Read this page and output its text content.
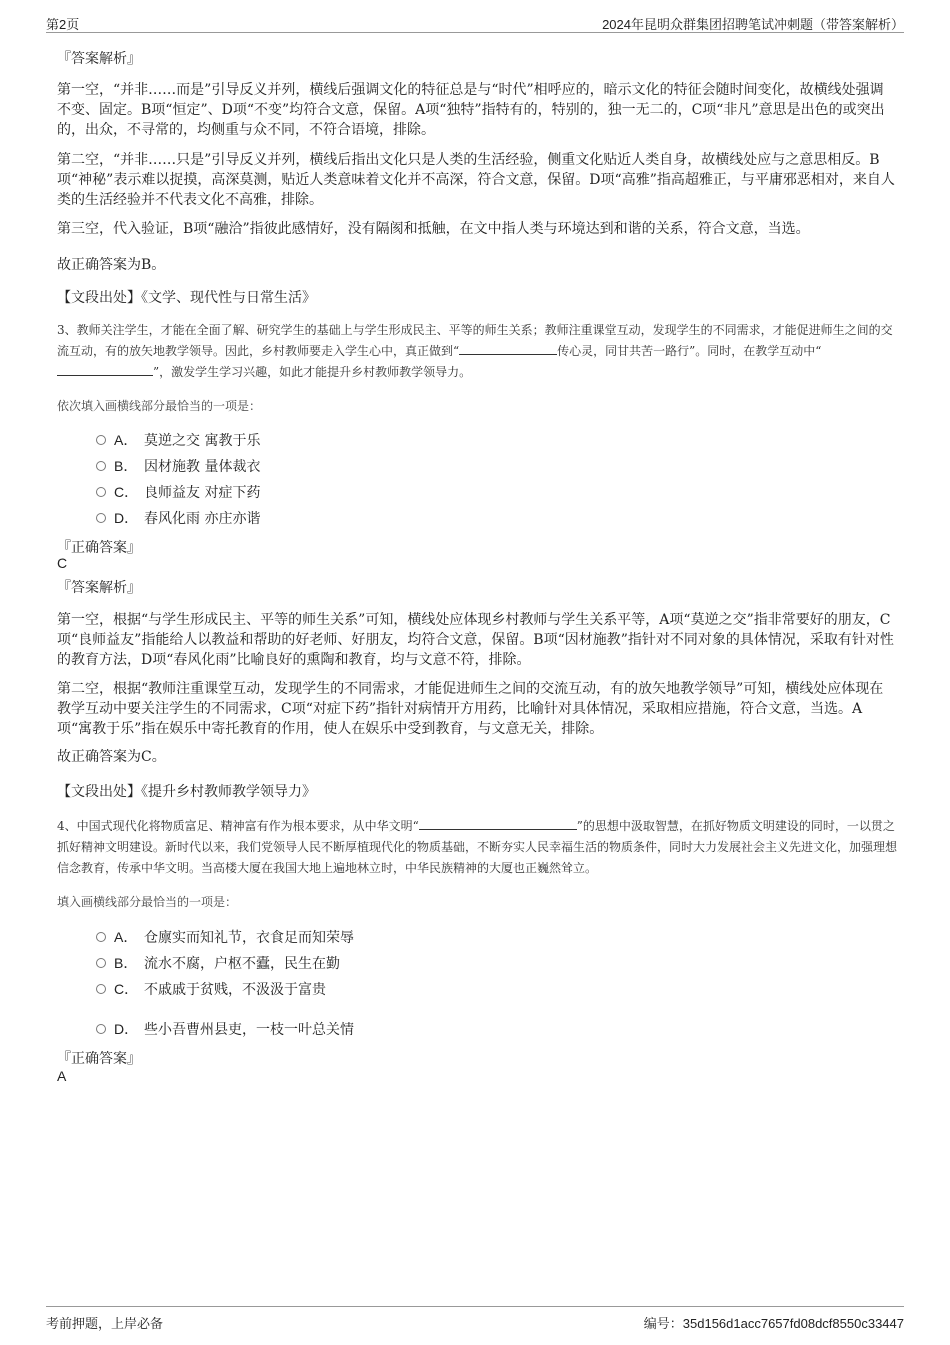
第2页	2024年昆明众群集团招聘笔试冲刺题（带答案解析）
『答案解析』
第一空，“并非……而是”引导反义并列，横线后强调文化的特征总是与“时代”相呼应的，暗示文化的特征会随时间变化，故横线处强调不变、固定。B项“恒定”、D项“不变”均符合文意，保留。A项“独特”指特有的，特别的，独一无二的，C项“非凡”意思是出色的或突出的，出众，不寻常的，均侧重与众不同，不符合语境，排除。
第二空，“并非……只是”引导反义并列，横线后指出文化只是人类的生活经验，侧重文化贴近人类自身，故横线处应与之意思相反。B项“神秘”表示难以捉摸，高深莫测，贴近人类意味着文化并不高深，符合文意，保留。D项“高雅”指高超雅正，与平庸邪恶相对，来自人类的生活经验并不代表文化不高雅，排除。
第三空，代入验证，B项“融洽”指彼此感情好，没有隔阂和抵触，在文中指人类与环境达到和谐的关系，符合文意，当选。
故正确答案为B。
【文段出处】《文学、现代性与日常生活》
3、教师关注学生，才能在全面了解、研究学生的基础上与学生形成民主、平等的师生关系；教师注重课堂互动，发现学生的不同需求，才能促进师生之间的交流互动，有的放矢地教学领导。因此，乡村教师要走入学生心中，真正做到“	传心灵，同甘共苦一路行”。同时，在教学互动中“”，激发学生学习兴趣，如此才能提升乡村教师教学领导力。
依次填入画横线部分最恰当的一项是：
A． 莫逆之交 寓教于乐
B． 因材施教 量体裁衣
C． 良师益友 对症下药
D． 春风化雨 亦庄亦谐
『正确答案』
C
『答案解析』
第一空，根据“与学生形成民主、平等的师生关系”可知，横线处应体现乡村教师与学生关系平等，A项“莫逆之交”指非常要好的朋友，C项“良师益友”指能给人以教益和帮助的好老师、好朋友，均符合文意，保留。B项“因材施教”指针对不同对象的具体情况，采取有针对性的教育方法，D项“春风化雨”比喻良好的熏陶和教育，均与文意不符，排除。
第二空，根据“教师注重课堂互动，发现学生的不同需求，才能促进师生之间的交流互动，有的放矢地教学领导”可知，横线处应体现在教学互动中要关注学生的不同需求，C项“对症下药”指针对病情开方用药，比喻针对具体情况，采取相应措施，符合文意，当选。A项“寓教于乐”指在娱乐中寄托教育的作用，使人在娱乐中受到教育，与文意无关，排除。
故正确答案为C。
【文段出处】《提升乡村教师教学领导力》
4、中国式现代化将物质富足、精神富有作为根本要求，从中华文明“	”的思想中汲取智慧，在抓好物质文明建设的同时，一以贯之抓好精神文明建设。新时代以来，我们党领导人民不断厚植现代化的物质基础，不断夯实人民幸福生活的物质条件，同时大力发展社会主义先进文化，加强理想信念教育，传承中华文明。当高楼大厦在我国大地上遍地林立时，中华民族精神的大厦也正巍然耸立。
填入画横线部分最恰当的一项是：
A． 仓廪实而知礼节，衣食足而知荣辱
B． 流水不腐，户枢不蠹，民生在勤
C． 不戚戚于贫贱，不汲汲于富贵
D． 些小吾曹州县吏，一枝一叶总关情
『正确答案』
A
考前押题，上岸必备	编号：35d156d1acc7657fd08dcf8550c33447
